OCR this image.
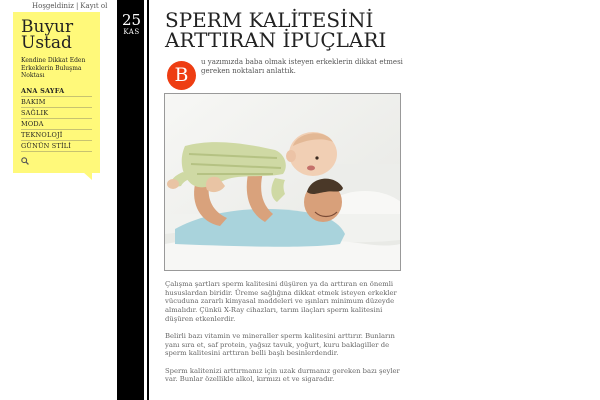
Hoşgeldiniz | Kayıt ol
Buyur
Ustad
Kendine Dikkat Eden Erkeklerin Buluşma Noktası
ANA SAYFA
BAKIM
SAĞLIK
MODA
TEKNOLOJİ
GÜNÜN STİLİ
25
KAS SPERM KALİTESİNİ ARTTIRAN İPUÇLARI
B
u yazımızda baba olmak isteyen erkeklerin dikkat etmesi gereken noktaları anlattık.

Çalışma şartları sperm kalitesini düşüren ya da arttıran en önemli hususlardan biridir. Üreme sağlığına dikkat etmek isteyen erkekler vücuduna zararlı kimyasal maddeleri ve ışınları minimum düzeyde almalıdır. Çünkü X-Ray cihazları, tarım ilaçları sperm kalitesini düşüren etkenlerdir.

Belirli bazı vitamin ve mineraller sperm kalitesini arttırır. Bunların yanı sıra et, saf protein, yağsız tavuk, yoğurt, kuru baklagiller de sperm kalitesini arttıran belli başlı besinlerdendir.

Sperm kalitenizi arttırmanız için uzak durmanız gereken bazı şeyler var. Bunlar özellikle alkol, kırmızı et ve sigaradır.
